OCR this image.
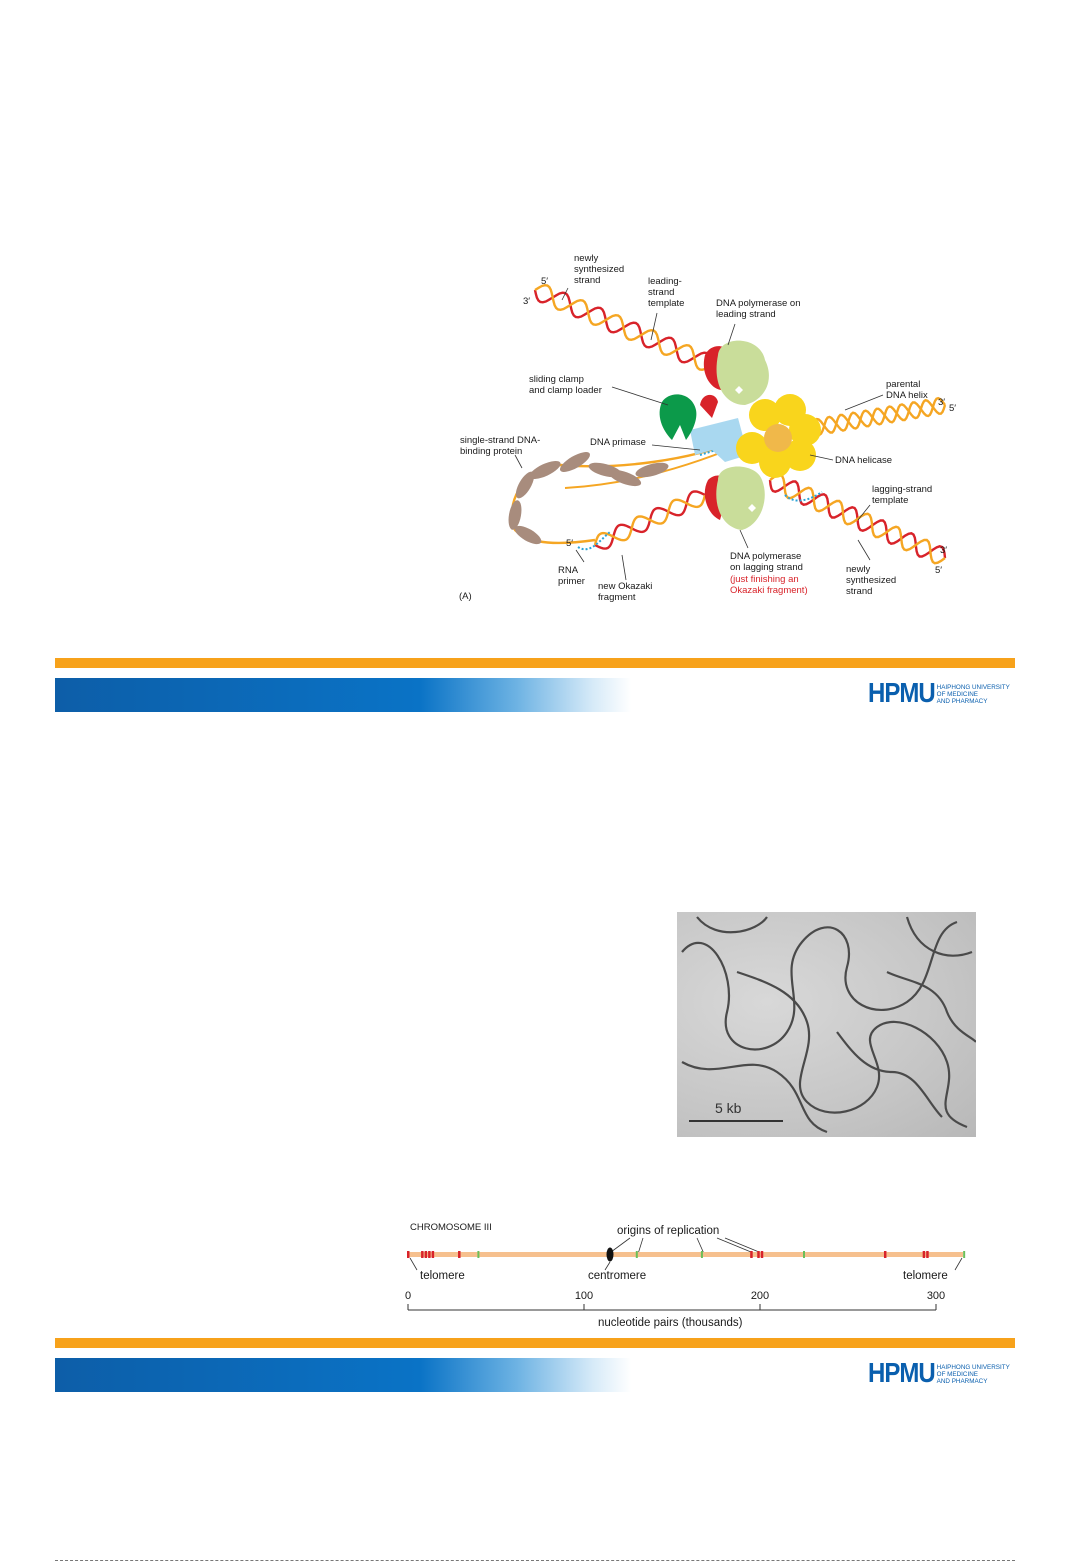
newly
synthesized
strand	leading-
strand
template	DNA polymerase on
leading strand
sliding clamp
and clamp loader
parental
DNA helix
single-strand DNA-
binding protein
DNA primase
DNA helicase
lagging-strand
template
RNA
primer new Okazaki
fragment
DNA polymerase
on lagging strand
(just finishing an
Okazaki fragment)
newly
synthesized
strand
(A)
5′
3′
3′
5′
3′
5′
5′
HPMU HAIPHONG UNIVERSITY
OF MEDICINE
AND PHARMACY
5 kb
CHROMOSOME III	origins of replication
telomere	centromere	telomere
0	100	200	300
nucleotide pairs (thousands)
HPMU HAIPHONG UNIVERSITY
OF MEDICINE
AND PHARMACY
